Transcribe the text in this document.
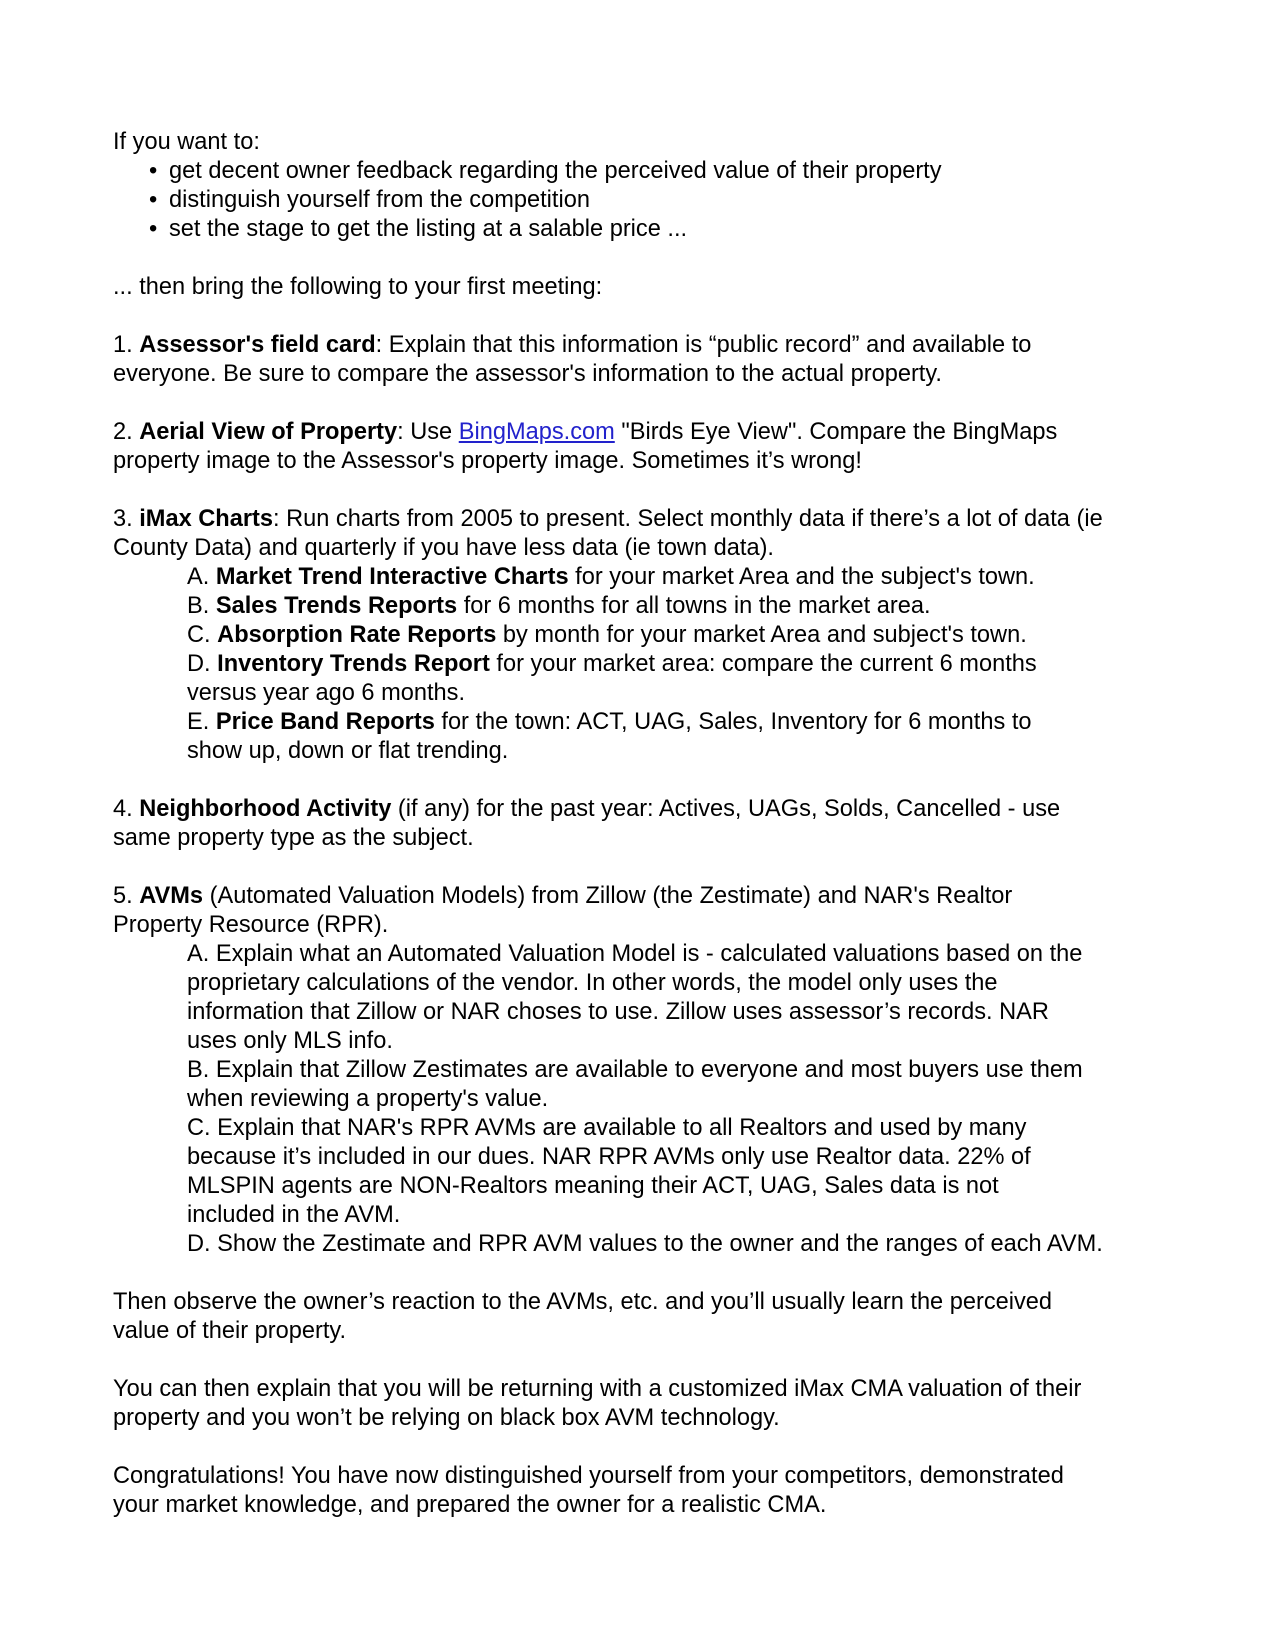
If you want to:
• get decent owner feedback regarding the perceived value of their property
• distinguish yourself from the competition
• set the stage to get the listing at a salable price ...
... then bring the following to your first meeting:
1. Assessor's field card: Explain that this information is “public record” and available to
everyone. Be sure to compare the assessor's information to the actual property.
2. Aerial View of Property: Use BingMaps.com "Birds Eye View". Compare the BingMaps
property image to the Assessor's property image. Sometimes it’s wrong!
3. iMax Charts: Run charts from 2005 to present. Select monthly data if there’s a lot of data (ie
County Data) and quarterly if you have less data (ie town data).
A. Market Trend Interactive Charts for your market Area and the subject's town.
B. Sales Trends Reports for 6 months for all towns in the market area.
C. Absorption Rate Reports by month for your market Area and subject's town.
D. Inventory Trends Report for your market area: compare the current 6 months
versus year ago 6 months.
E. Price Band Reports for the town: ACT, UAG, Sales, Inventory for 6 months to
show up, down or flat trending.
4. Neighborhood Activity (if any) for the past year: Actives, UAGs, Solds, Cancelled - use
same property type as the subject.
5. AVMs (Automated Valuation Models) from Zillow (the Zestimate) and NAR's Realtor
Property Resource (RPR).
A. Explain what an Automated Valuation Model is - calculated valuations based on the
proprietary calculations of the vendor. In other words, the model only uses the
information that Zillow or NAR choses to use. Zillow uses assessor’s records. NAR
uses only MLS info.
B. Explain that Zillow Zestimates are available to everyone and most buyers use them
when reviewing a property's value.
C. Explain that NAR's RPR AVMs are available to all Realtors and used by many
because it’s included in our dues. NAR RPR AVMs only use Realtor data. 22% of
MLSPIN agents are NON-Realtors meaning their ACT, UAG, Sales data is not
included in the AVM.
D. Show the Zestimate and RPR AVM values to the owner and the ranges of each AVM.
Then observe the owner’s reaction to the AVMs, etc. and you’ll usually learn the perceived
value of their property.
You can then explain that you will be returning with a customized iMax CMA valuation of their
property and you won’t be relying on black box AVM technology.
Congratulations! You have now distinguished yourself from your competitors, demonstrated
your market knowledge, and prepared the owner for a realistic CMA.
